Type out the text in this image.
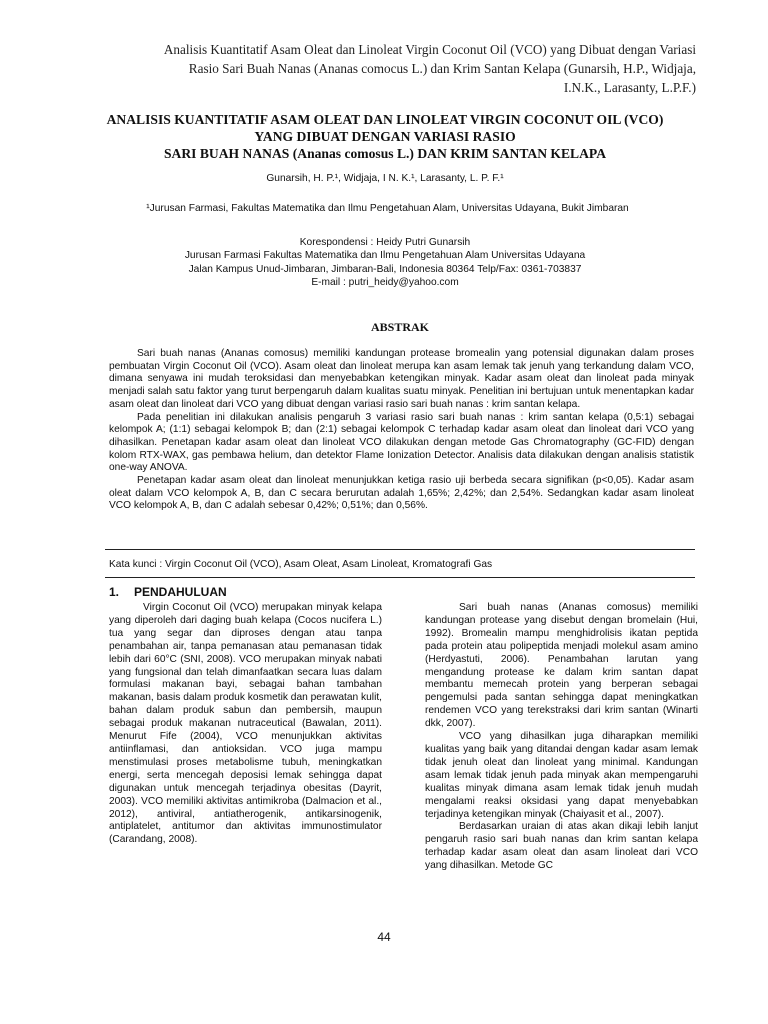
Analisis Kuantitatif Asam Oleat dan Linoleat Virgin Coconut Oil (VCO) yang Dibuat dengan Variasi
Rasio Sari Buah Nanas (Ananas comocus L.) dan Krim Santan Kelapa (Gunarsih, H.P., Widjaja,
I.N.K., Larasanty, L.P.F.)
ANALISIS KUANTITATIF ASAM OLEAT DAN LINOLEAT VIRGIN COCONUT OIL (VCO)
YANG DIBUAT DENGAN VARIASI RASIO
SARI BUAH NANAS (Ananas comosus L.) DAN KRIM SANTAN KELAPA
Gunarsih, H. P.¹, Widjaja, I N. K.¹, Larasanty, L. P. F.¹
¹Jurusan Farmasi, Fakultas Matematika dan Ilmu Pengetahuan Alam, Universitas Udayana, Bukit Jimbaran
Korespondensi : Heidy Putri Gunarsih
Jurusan Farmasi Fakultas Matematika dan Ilmu Pengetahuan Alam Universitas Udayana
Jalan Kampus Unud-Jimbaran, Jimbaran-Bali, Indonesia 80364 Telp/Fax: 0361-703837
E-mail : putri_heidy@yahoo.com
ABSTRAK

Sari buah nanas (Ananas comosus) memiliki kandungan protease bromealin yang potensial digunakan dalam proses pembuatan Virgin Coconut Oil (VCO). Asam oleat dan linoleat merupa kan asam lemak tak jenuh yang terkandung dalam VCO, dimana senyawa ini mudah teroksidasi dan menyebabkan ketengikan minyak. Kadar asam oleat dan linoleat pada minyak menjadi salah satu faktor yang turut berpengaruh dalam kualitas suatu minyak. Penelitian ini bertujuan untuk menentapkan kadar asam oleat dan linoleat dari VCO yang dibuat dengan variasi rasio sari buah nanas : krim santan kelapa.

Pada penelitian ini dilakukan analisis pengaruh 3 variasi rasio sari buah nanas : krim santan kelapa (0,5:1) sebagai kelompok A; (1:1) sebagai kelompok B; dan (2:1) sebagai kelompok C terhadap kadar asam oleat dan linoleat dari VCO yang dihasilkan. Penetapan kadar asam oleat dan linoleat VCO dilakukan dengan metode Gas Chromatography (GC-FID) dengan kolom RTX-WAX, gas pembawa helium, dan detektor Flame Ionization Detector. Analisis data dilakukan dengan analisis statistik one-way ANOVA.

Penetapan kadar asam oleat dan linoleat menunjukkan ketiga rasio uji berbeda secara signifikan (p<0,05). Kadar asam oleat dalam VCO kelompok A, B, dan C secara berurutan adalah 1,65%; 2,42%; dan 2,54%. Sedangkan kadar asam linoleat VCO kelompok A, B, dan C adalah sebesar 0,42%; 0,51%; dan 0,56%.

Kata kunci : Virgin Coconut Oil (VCO), Asam Oleat, Asam Linoleat, Kromatografi Gas
1. PENDAHULUAN

Virgin Coconut Oil (VCO) merupakan minyak kelapa yang diperoleh dari daging buah kelapa (Cocos nucifera L.) tua yang segar dan diproses dengan atau tanpa penambahan air, tanpa pemanasan atau pemanasan tidak lebih dari 60°C (SNI, 2008). VCO merupakan minyak nabati yang fungsional dan telah dimanfaatkan secara luas dalam formulasi makanan bayi, sebagai bahan tambahan makanan, basis dalam produk kosmetik dan perawatan kulit, bahan dalam produk sabun dan pembersih, maupun sebagai produk makanan nutraceutical (Bawalan, 2011). Menurut Fife (2004), VCO menunjukkan aktivitas antiinflamasi, dan antioksidan. VCO juga mampu menstimulasi proses metabolisme tubuh, meningkatkan energi, serta mencegah deposisi lemak sehingga dapat digunakan untuk mencegah terjadinya obesitas (Dayrit, 2003). VCO memiliki aktivitas antimikroba (Dalmacion et al., 2012), antiviral, antiatherogenik, antikarsinogenik, antiplatelet, antitumor dan aktivitas immunostimulator (Carandang, 2008).

Sari buah nanas (Ananas comosus) memiliki kandungan protease yang disebut dengan bromelain (Hui, 1992). Bromealin mampu menghidrolisis ikatan peptida pada protein atau polipeptida menjadi molekul asam amino (Herdyastuti, 2006). Penambahan larutan yang mengandung protease ke dalam krim santan dapat membantu memecah protein yang berperan sebagai pengemulsi pada santan sehingga dapat meningkatkan rendemen VCO yang terekstraksi dari krim santan (Winarti dkk, 2007).

VCO yang dihasilkan juga diharapkan memiliki kualitas yang baik yang ditandai dengan kadar asam lemak tidak jenuh oleat dan linoleat yang minimal. Kandungan asam lemak tidak jenuh pada minyak akan mempengaruhi kualitas minyak dimana asam lemak tidak jenuh mudah mengalami reaksi oksidasi yang dapat menyebabkan terjadinya ketengikan minyak (Chaiyasit et al., 2007).

Berdasarkan uraian di atas akan dikaji lebih lanjut pengaruh rasio sari buah nanas dan krim santan kelapa terhadap kadar asam oleat dan asam linoleat dari VCO yang dihasilkan. Metode GC

44
